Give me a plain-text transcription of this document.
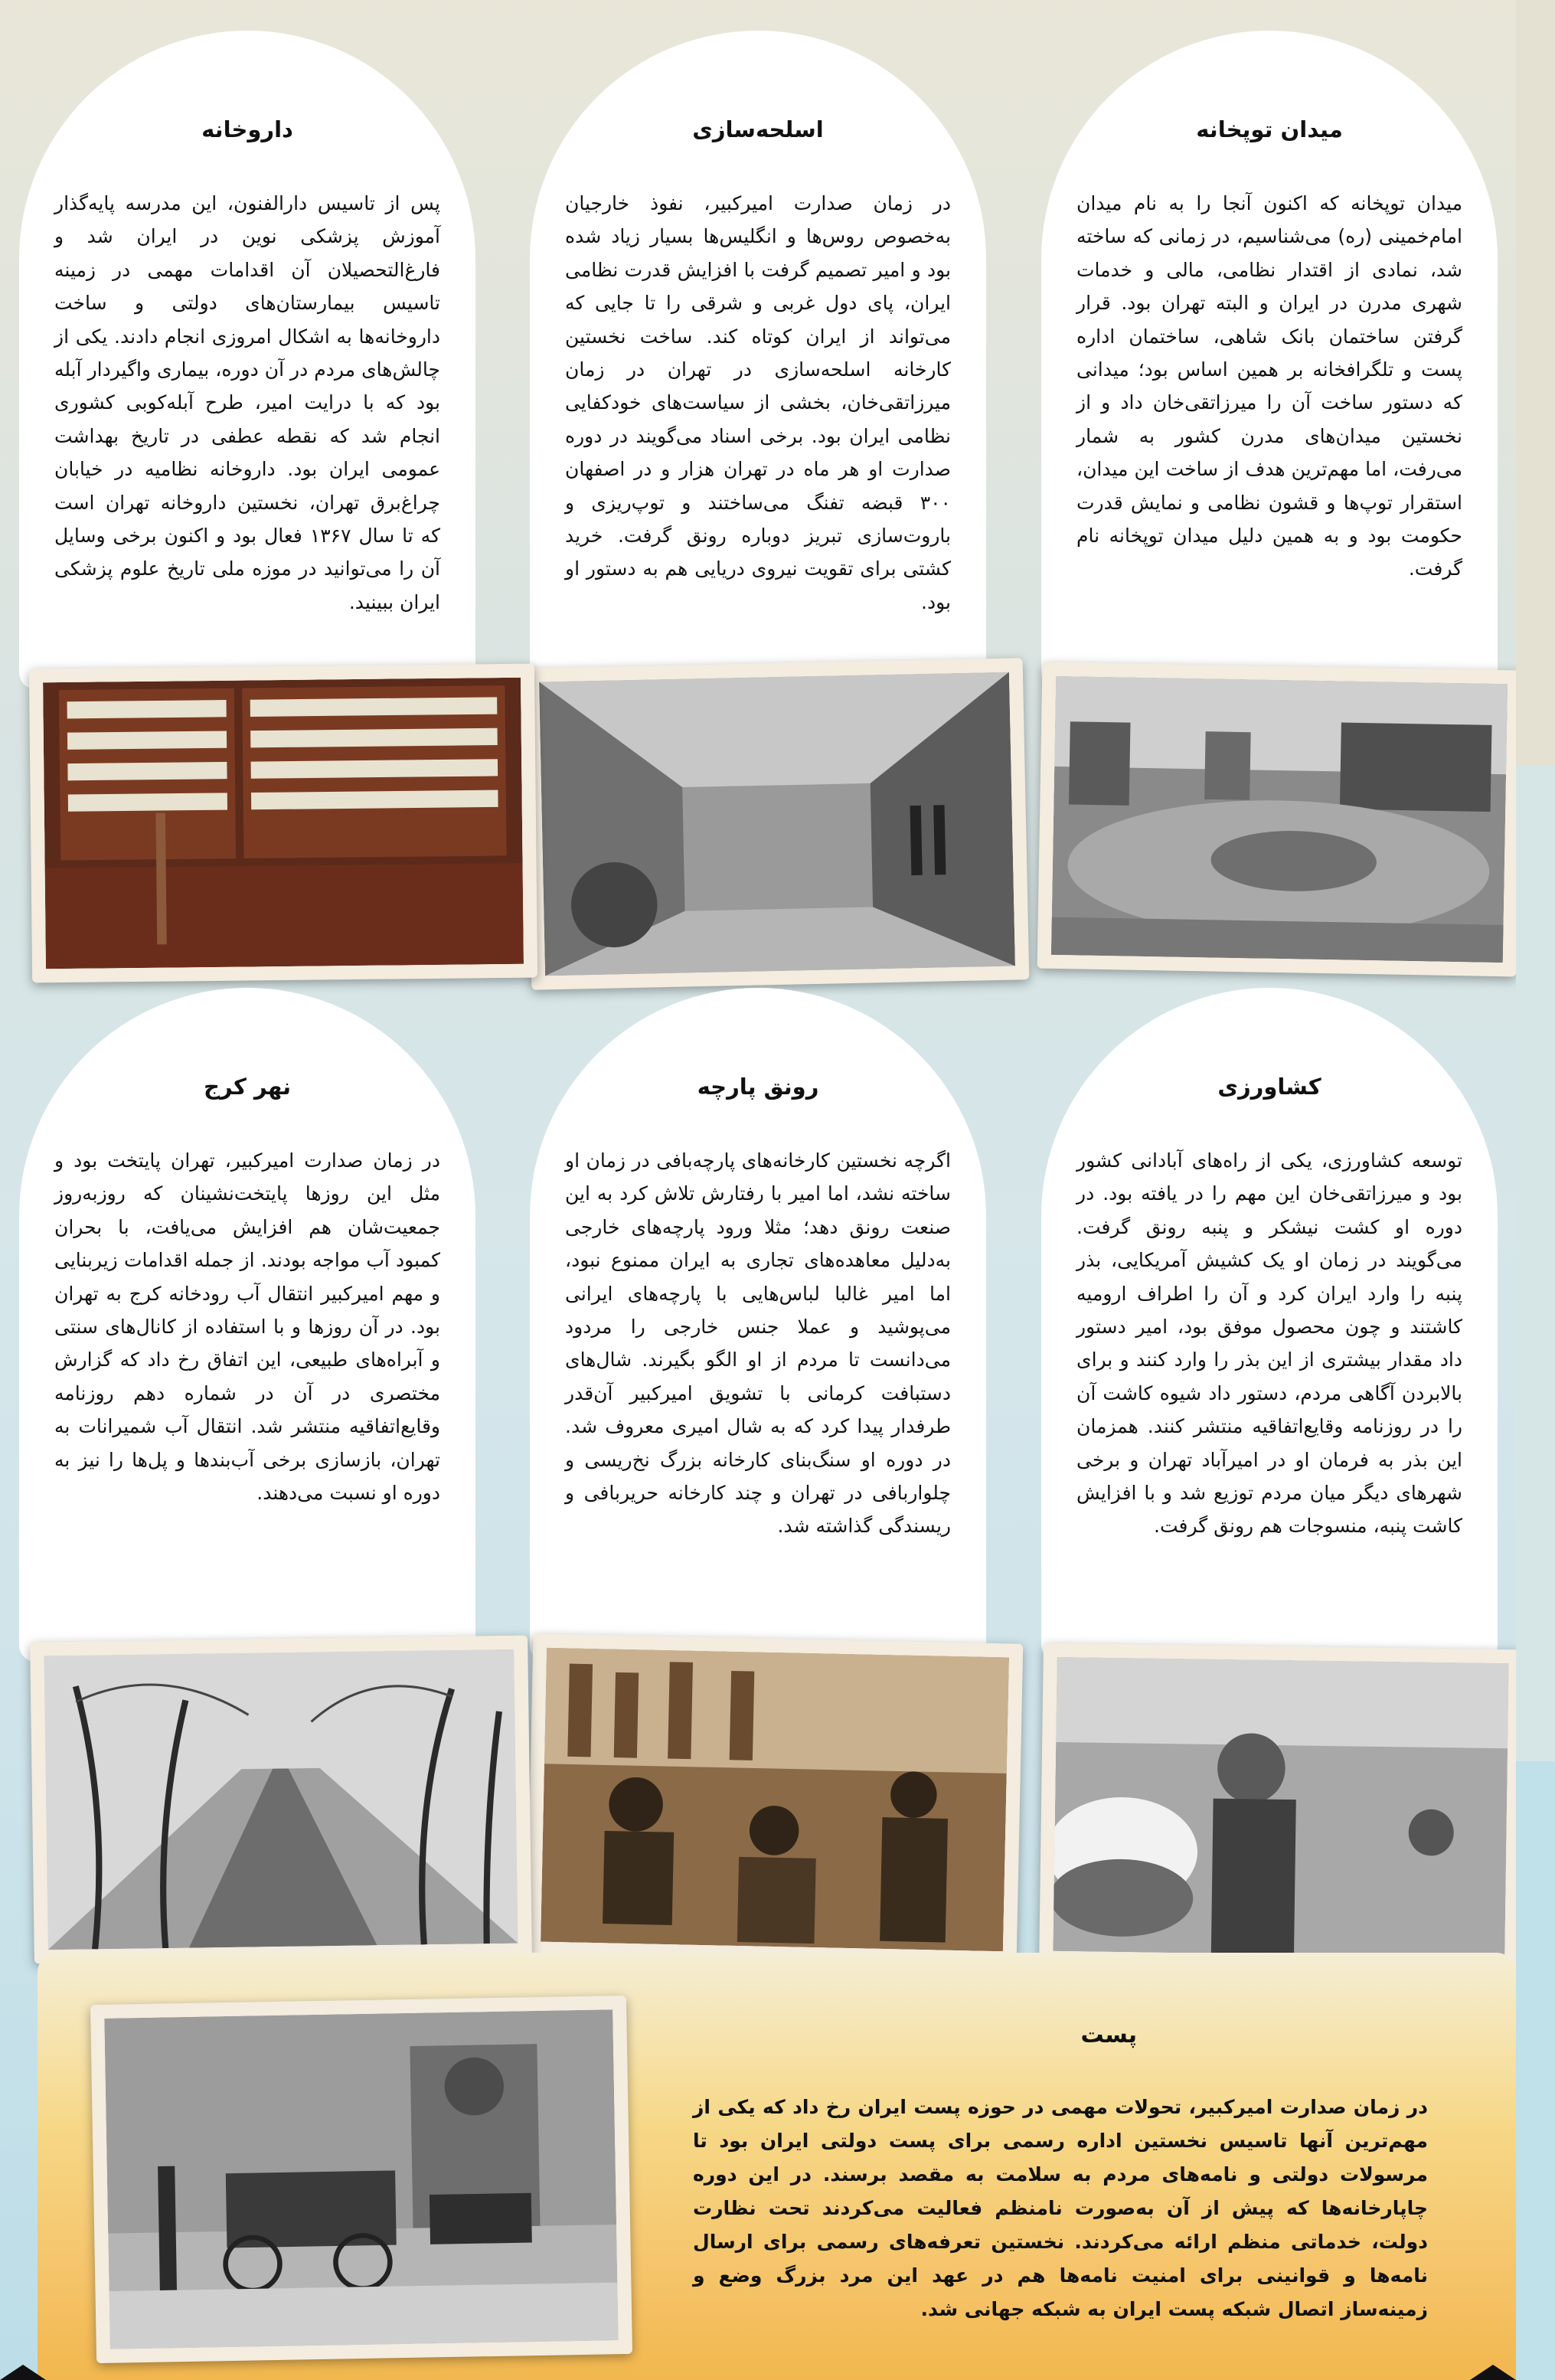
میدان توپخانه
میدان توپخانه که اکنون آنجا را به نام میدان امام‌خمینی (ره) می‌شناسیم، در زمانی که ساخته شد، نمادی از اقتدار نظامی، مالی و خدمات شهری مدرن در ایران و البته تهران بود. قرار گرفتن ساختمان بانک شاهی، ساختمان اداره پست و تلگرافخانه بر همین اساس بود؛ میدانی که دستور ساخت آن را میرزاتقی‌خان داد و از نخستین میدان‌های مدرن کشور به شمار می‌رفت، اما مهم‌ترین هدف از ساخت این میدان، استقرار توپ‌ها و قشون نظامی و نمایش قدرت حکومت بود و به همین دلیل میدان توپخانه نام گرفت.
اسلحه‌سازی
در زمان صدارت امیرکبیر، نفوذ خارجیان به‌خصوص روس‌ها و انگلیس‌ها بسیار زیاد شده بود و امیر تصمیم گرفت با افزایش قدرت نظامی ایران، پای دول غربی و شرقی را تا جایی که می‌تواند از ایران کوتاه کند. ساخت نخستین کارخانه اسلحه‌سازی در تهران در زمان میرزاتقی‌خان، بخشی از سیاست‌های خودکفایی نظامی ایران بود. برخی اسناد می‌گویند در دوره صدارت او هر ماه در تهران هزار و در اصفهان ۳۰۰ قبضه تفنگ می‌ساختند و توپ‌ریزی و باروت‌سازی تبریز دوباره رونق گرفت. خرید کشتی برای تقویت نیروی دریایی هم به دستور او بود.
داروخانه
پس از تاسیس دارالفنون، این مدرسه پایه‌گذار آموزش پزشکی نوین در ایران شد و فارغ‌التحصیلان آن اقدامات مهمی در زمینه تاسیس بیمارستان‌های دولتی و ساخت داروخانه‌ها به اشکال امروزی انجام دادند. یکی از چالش‌های مردم در آن دوره، بیماری واگیردار آبله بود که با درایت امیر، طرح آبله‌کوبی کشوری انجام شد که نقطه عطفی در تاریخ بهداشت عمومی ایران بود. داروخانه نظامیه در خیابان چراغ‌برق تهران، نخستین داروخانه تهران است که تا سال ۱۳۶۷ فعال بود و اکنون برخی وسایل آن را می‌توانید در موزه ملی تاریخ علوم پزشکی ایران ببینید.
کشاورزی
توسعه کشاورزی، یکی از راه‌های آبادانی کشور بود و میرزاتقی‌خان این مهم را در یافته بود. در دوره او کشت نیشکر و پنبه رونق گرفت. می‌گویند در زمان او یک کشیش آمریکایی، بذر پنبه را وارد ایران کرد و آن را اطراف ارومیه کاشتند و چون محصول موفق بود، امیر دستور داد مقدار بیشتری از این بذر را وارد کنند و برای بالابردن آگاهی مردم، دستور داد شیوه کاشت آن را در روزنامه وقایع‌اتفاقیه منتشر کنند. همزمان این بذر به فرمان او در امیرآباد تهران و برخی شهرهای دیگر میان مردم توزیع شد و با افزایش کاشت پنبه، منسوجات هم رونق گرفت.
رونق پارچه
اگرچه نخستین کارخانه‌های پارچه‌بافی در زمان او ساخته نشد، اما امیر با رفتارش تلاش کرد به این صنعت رونق دهد؛ مثلا ورود پارچه‌های خارجی به‌دلیل معاهده‌های تجاری به ایران ممنوع نبود، اما امیر غالبا لباس‌هایی با پارچه‌های ایرانی می‌پوشید و عملا جنس خارجی را مردود می‌دانست تا مردم از او الگو بگیرند. شال‌های دستبافت کرمانی با تشویق امیرکبیر آن‌قدر طرفدار پیدا کرد که به شال امیری معروف شد. در دوره او سنگ‌بنای کارخانه بزرگ نخ‌ریسی و چلواربافی در تهران و چند کارخانه حریربافی و ریسندگی گذاشته شد.
نهر کرج
در زمان صدارت امیرکبیر، تهران پایتخت بود و مثل این روزها پایتخت‌نشینان که روزبه‌روز جمعیت‌شان هم افزایش می‌یافت، با بحران کمبود آب مواجه بودند. از جمله اقدامات زیربنایی و مهم امیرکبیر انتقال آب رودخانه کرج به تهران بود. در آن روزها و با استفاده از کانال‌های سنتی و آبراه‌های طبیعی، این اتفاق رخ داد که گزارش مختصری در آن در شماره دهم روزنامه وقایع‌اتفاقیه منتشر شد. انتقال آب شمیرانات به تهران، بازسازی برخی آب‌بندها و پل‌ها را نیز به دوره او نسبت می‌دهند.
پست
در زمان صدارت امیرکبیر، تحولات مهمی در حوزه پست ایران رخ داد که یکی از مهم‌ترین آنها تاسیس نخستین اداره رسمی برای پست دولتی ایران بود تا مرسولات دولتی و نامه‌های مردم به سلامت به مقصد برسند. در این دوره چاپارخانه‌ها که پیش از آن به‌صورت نامنظم فعالیت می‌کردند تحت نظارت دولت، خدماتی منظم ارائه می‌کردند. نخستین تعرفه‌های رسمی برای ارسال نامه‌ها و قوانینی برای امنیت نامه‌ها هم در عهد این مرد بزرگ وضع و زمینه‌ساز اتصال شبکه پست ایران به شبکه جهانی شد.
